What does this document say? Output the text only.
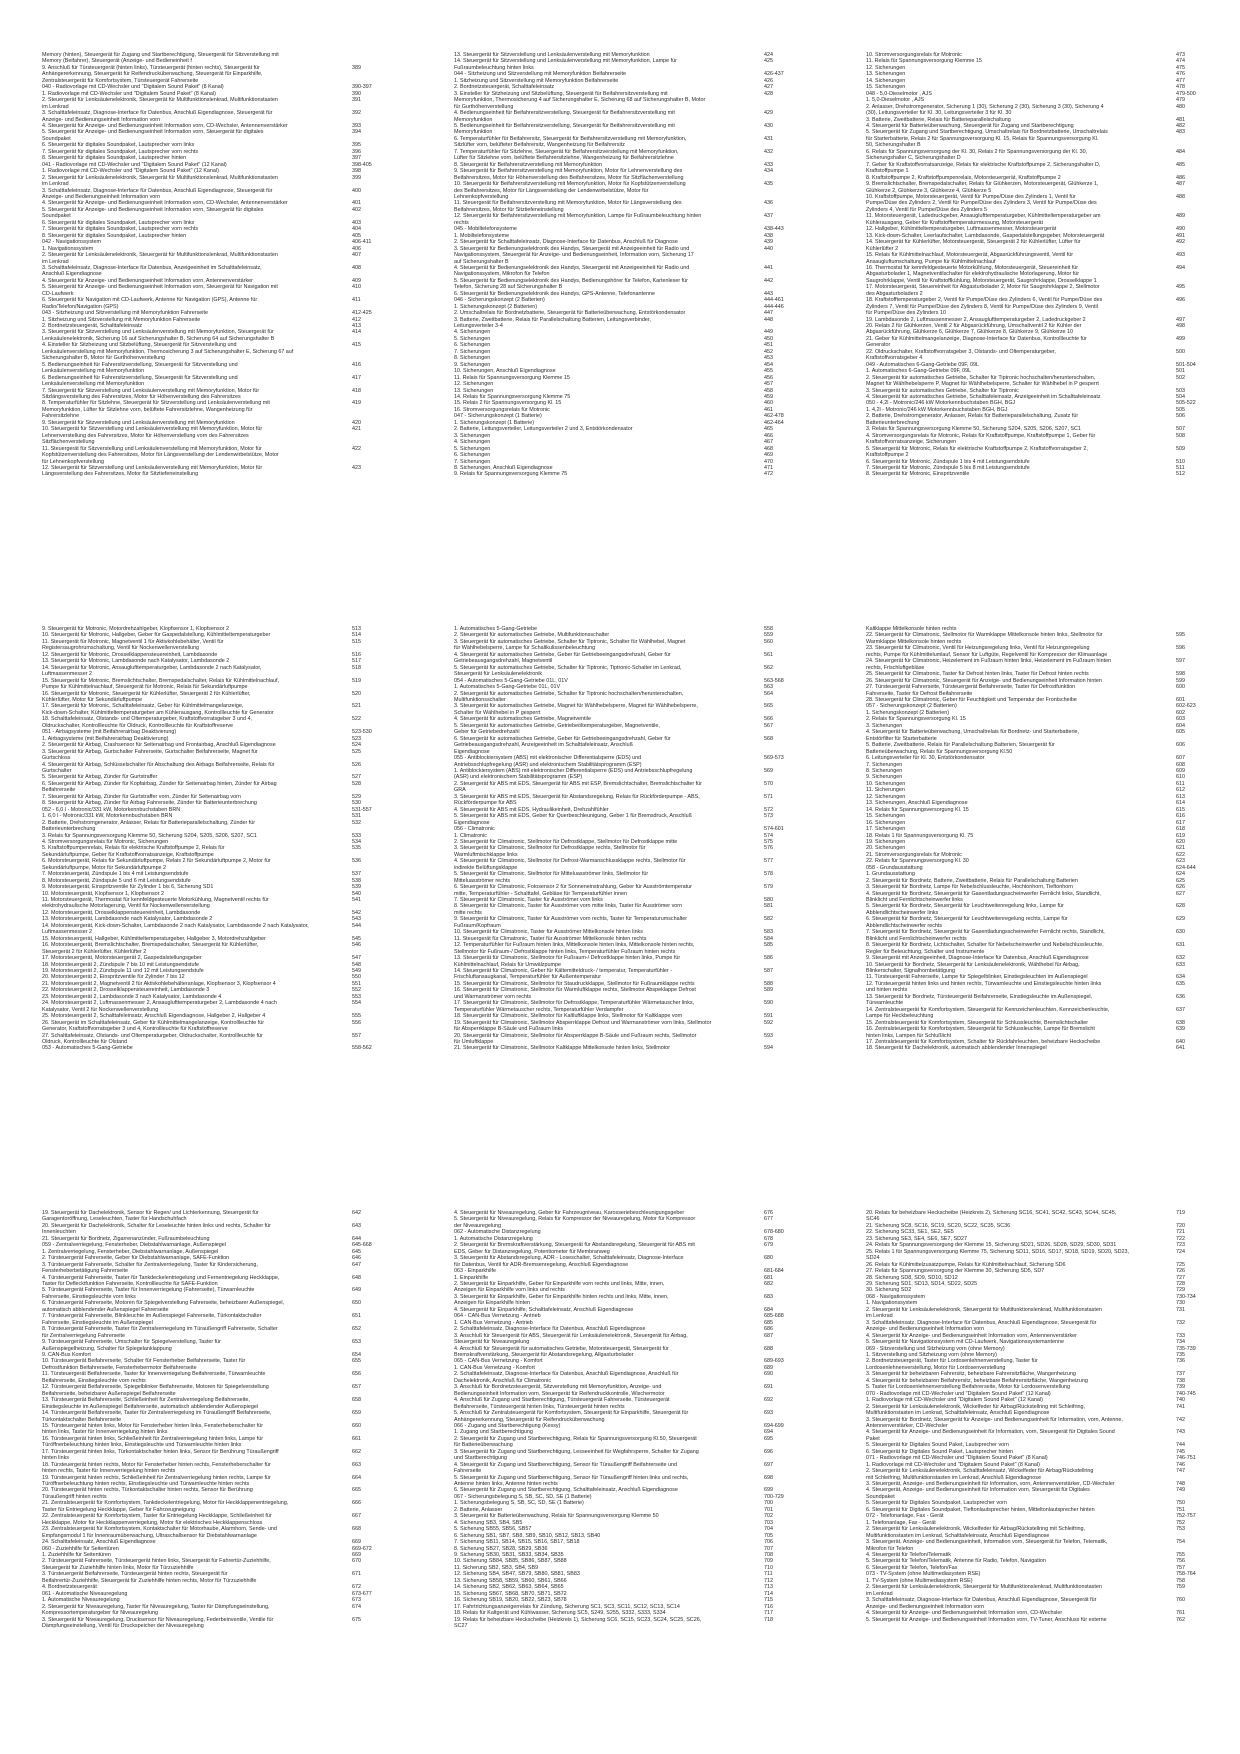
Memory (hinten), Steuergerät für Zugang und Startberechtigung, Steuergerät für Sitzverstellung mit
Memory (Beifahrer), Steuergerät (Anzeige- und Bedieneinheit f
9. Anschluß für Türsteuergerät (hinten links), Türsteuergerät (hinten rechts), Steuergerät für	389
Anhängererkennung, Steuergerät für Reifendrucküberwachung, Steuergerät für Einparkhilfe,
Zentralsteuergerät für Komfortsystem, Türsteuergerät Fahrerseite
040 - Radiovorlage mit CD-Wechsler und "Digitalem Sound Paket" (8 Kanal)	390-397
1. Radiovorlage mit CD-Wechsler und "Digitalem Sound Paket" (8 Kanal)	390
2. Steuergerät für Lenksäulenelektronik, Steuergerät für Multifunktionslenkrad, Multifunktionstasten	391
im Lenkrad
3. Schalttafeleinsatz, Diagnose-Interface für Datenbus, Anschluß Eigendiagnose, Steuergerät für	392
Anzeige- und Bedienungseinheit Information vorn
4. Steuergerät für Anzeige- und Bedienungseinheit Information vorn, CD-Wechsler, Antennenverstärker	393
5. Steuergerät für Anzeige- und Bedienungseinheit Information vorn, Steuergerät für digitales	394
Soundpaket
6. Steuergerät für digitales Soundpaket, Lautsprecher vorn links	395
7. Steuergerät für digitales Soundpaket, Lautsprecher vorn rechts	396
8. Steuergerät für digitales Soundpaket, Lautsprecher hinten	397
041 - Radiovorlage mit CD-Wechsler und "Digitalem Sound Paket" (12 Kanal)	398-405
1. Radiovorlage mit CD-Wechsler und "Digitalem Sound Paket" (12 Kanal)	398
2. Steuergerät für Lenksäulenelektronik, Steuergerät für Multifunktionslenkrad, Multifunktionstasten	399
im Lenkrad
3. Schalttafeleinsatz, Diagnose-Interface für Datenbus, Anschluß Eigendiagnose, Steuergerät für	400
Anzeige- und Bedienungseinheit Information vorn
4. Steuergerät für Anzeige- und Bedienungseinheit Information vorn, CD-Wechsler, Antennenverstärker	401
5. Steuergerät für Anzeige- und Bedienungseinheit Information vorn, Steuergerät für digitales	402
Soundpaket
6. Steuergerät für digitales Soundpaket, Lautsprecher vorn links	403
7. Steuergerät für digitales Soundpaket, Lautsprecher vorn rechts	404
8. Steuergerät für digitales Soundpaket, Lautsprecher hinten	405
042 - Navigationssystem	406-411
1. Navigationssystem	406
2. Steuergerät für Lenksäulenelektronik, Steuergerät für Multifunktionslenkrad, Multifunktionstasten	407
im Lenkrad
3. Schalttafeleinsatz, Diagnose-Interface für Datenbus, Anzeigeeinheit im Schalttafeleinsatz,	408
Anschluß Eigendiagnose
4. Steuergerät für Anzeige- und Bedienungseinheit Information vorn, Antennenverstärker	409
5. Steuergerät für Anzeige- und Bedienungseinheit Information vorn, Steuergerät für Navigation mit	410
CD-Laufwerk
6. Steuergerät für Navigation mit CD-Laufwerk, Antenne für Navigation (GPS), Antenne für	411
Radio/Telefon/Navigation (GPS)
043 - Sitzheizung und Sitzverstellung mit Memoryfunktion Fahrerseite	412-425
1. Sitzheizung und Sitzverstellung mit Memoryfunktion Fahrerseite	412
2. Bordnetzsteuergerät, Schalttafeleinsatz	413
3. Steuergerät für Sitzverstellung und Lenksäulenverstellung mit Memoryfunktion, Steuergerät für	414
Lenksäulenelektronik, Sicherung 16 auf Sicherungshalter B, Sicherung 64 auf Sicherungshalter B
4. Einsteller für Sitzheizung und Sitzbelüftung, Steuergerät für Sitzverstellung und	415
Lenksäulenverstellung mit Memoryfunktion, Thermosicherung 3 auf Sicherungshalter E, Sicherung 67 auf
Sicherungshalter B, Motor für Gurthöhenverstellung
5. Bedienungseinheit für Fahrersitzverstellung, Steuergerät für Sitzverstellung und	416
Lenksäulenverstellung mit Memoryfunktion
6. Bedienungseinheit für Fahrersitzverstellung, Steuergerät für Sitzverstellung und	417
Lenksäulenverstellung mit Memoryfunktion
7. Steuergerät für Sitzverstellung und Lenksäulenverstellung mit Memoryfunktion, Motor für	418
Sitzlängsverstellung des Fahrersitzes, Motor für Höhenverstellung des Fahrersitzes
8. Temperaturfühler für Sitzlehne, Steuergerät für Sitzverstellung und Lenksäulenverstellung mit	419
Memoryfunktion, Lüfter für Sitzlehne vorn, belüftete Fahrersitzlehne, Wangenheizung für
Fahrersitzlehne
9. Steuergerät für Sitzverstellung und Lenksäulenverstellung mit Memoryfunktion	420
10. Steuergerät für Sitzverstellung und Lenksäulenverstellung mit Memoryfunktion, Motor für	421
Lehnenverstellung des Fahrersitzes, Motor für Höhenverstellung vorn des Fahrersitzes
Sitzflächenverstellung
11. Steuergerät für Sitzverstellung und Lenksäulenverstellung mit Memoryfunktion, Motor für	422
Kopfstützenverstellung des Fahrersitzes, Motor für Längsverstellung der Lendenwirbelstütze, Motor
für Lehnenkopfverstellung
12. Steuergerät für Sitzverstellung und Lenksäulenverstellung mit Memoryfunktion, Motor für	423
Längsverstellung des Fahrersitzes, Motor für Sitztiefeneinstellung
13. Steuergerät für Sitzverstellung und Lenksäulenverstellung mit Memoryfunktion	424
14. Steuergerät für Sitzverstellung und Lenksäulenverstellung mit Memoryfunktion, Lampe für	425
Fußraumbeleuchtung hinten links
044 - Sitzheizung und Sitzverstellung mit Memoryfunktion Beifahrerseite	426-437
1. Sitzheizung und Sitzverstellung mit Memoryfunktion Beifahrerseite	426
2. Bordnetzsteuergerät, Schalttafeleinsatz	427
3. Einsteller für Sitzheizung und Sitzbelüftung, Steuergerät für Beifahrersitzverstellung mit	428
Memoryfunktion, Thermosicherung 4 auf Sicherungshalter E, Sicherung 68 auf Sicherungshalter B, Motor
für Gurthöhenverstellung
4. Bedienungseinheit für Beifahrersitzverstellung, Steuergerät für Beifahrersitzverstellung mit	429
Memoryfunktion
5. Bedienungseinheit für Beifahrersitzverstellung, Steuergerät für Beifahrersitzverstellung mit	430
Memoryfunktion
6. Temperaturfühler für Beifahrersitz, Steuergerät für Beifahrersitzverstellung mit Memoryfunktion,	431
Sitzlüfter vorn, belüfteter Beifahrersitz, Wangenheizung für Beifahrersitz
7. Temperaturfühler für Sitzlehne, Steuergerät für Beifahrersitzverstellung mit Memoryfunktion,	432
Lüfter für Sitzlehne vorn, belüftete Beifahrersitzlehne, Wangenheizung für Beifahrersitzlehne
8. Steuergerät für Beifahrersitzverstellung mit Memoryfunktion	433
9. Steuergerät für Beifahrersitzverstellung mit Memoryfunktion, Motor für Lehnenverstellung des	434
Beifahrersitzes, Motor für Höhenverstellung des Beifahrersitzes, Motor für Sitzflächenverstellung
10. Steuergerät für Beifahrersitzverstellung mit Memoryfunktion, Motor für Kopfstützenverstellung	435
des Beifahrersitzes, Motor für Längsverstellung der Lendenwirbelstütze, Motor für
Lehnenkopfverstellung
11. Steuergerät für Beifahrersitzverstellung mit Memoryfunktion, Motor für Längsverstellung des	436
Beifahrersitzes, Motor für Sitztiefeneinstellung
12. Steuergerät für Beifahrersitzverstellung mit Memoryfunktion, Lampe für Fußraumbeleuchtung hinten	437
rechts
045 - Mobiltelefonsysteme	438-443
1. Mobiltelefonsysteme	438
2. Steuergerät für Schalttafeleinsatz, Diagnose-Interface für Datenbus, Anschluß für Diagnose	439
3. Steuergerät für Bedienungselektronik des Handys, Steuergerät mit Anzeigeeinheit für Radio und	440
Navigationssystem, Steuergerät für Anzeige- und Bedienungseinheit, Information vorn, Sicherung 17
auf Sicherungshalter B
4. Steuergerät für Bedienungselektronik des Handys, Steuergerät mit Anzeigeeinheit für Radio und	441
Navigationssystem, Mikrofon für Telefon
5. Steuergerät für Bedienungselektronik des Handys, Bedienungshörer für Telefon, Kartenleser für	442
Telefon, Sicherung 28 auf Sicherungshalter B
6. Steuergerät für Bedienungselektronik des Handys, GPS-Antenne, Telefonantenne	443
046 - Sicherungskonzept (2 Batterien)	444-461
1. Sicherungskonzept (2 Batterien)	444-446
2. Umschaltrelais für Bordnetzbatterie, Steuergerät für Batterieüberwachung, Entstörkondensator	447
3. Batterie, Zweitbatterie, Relais für Parallelschaltung Batterien, Leitungsverbinder,	448
Leitungsverteiler 3-4
4. Sicherungen	449
5. Sicherungen	450
6. Sicherungen	451
7. Sicherungen	452
8. Sicherungen	453
9. Sicherungen	454
10. Sicherungen, Anschluß Eigendiagnose	455
11. Relais für Spannungsversorgung Klemme 15	456
12. Sicherungen	457
13. Sicherungen	458
14. Relais für Spannungsversorgung Klemme 75	459
15. Relais 2 für Spannungsversorgung Kl. 15	460
16. Stromversorgungsrelais für Motronic	461
047 - Sicherungskonzept (1 Batterie)	462-478
1. Sicherungskonzept (1 Batterie)	462-464
2. Batterie, Leitungsverteiler, Leitungsverteiler 2 und 3, Entstörkondensator	465
3. Sicherungen	466
4. Sicherungen	467
5. Sicherungen	468
6. Sicherungen	469
7. Sicherungen	470
8. Sicherungen, Anschluß Eigendiagnose	471
9. Relais für Spannungsversorgung Klemme 75	472
10. Stromversorgungsrelais für Motronic	473
11. Relais für Spannungsversorgung Klemme 15	474
12. Sicherungen	475
13. Sicherungen	476
14. Sicherungen	477
15. Sicherungen	478
048 - 5,0-Dieselmotor , AJS	479-500
1. 5,0-Dieselmotor , AJS	479
2. Anlasser, Drehstromgenerator, Sicherung 1 (30), Sicherung 2 (30), Sicherung 3 (30), Sicherung 4	480
(30), Leitungsverteiler für Kl. 30, Leitungsverteiler 3 für Kl. 30
3. Batterie, Zweitbatterie, Relais für Batterieparallelschaltung	481
4. Steuergerät für Batterieüberwachung, Steuergerät für Zugang und Startberechtigung	482
5. Steuergerät für Zugang und Startberechtigung, Umschaltrelais für Bordnetzbatterie, Umschaltrelais	483
für Starterbatterie, Relais 2 für Spannungsversorgung Kl. 15, Relais für Spannungsversorgung Kl.
50, Sicherungshalter B
6. Relais für Spannungsversorgung der Kl. 30, Relais 2 für Spannungsversorgung der Kl. 30,	484
Sicherungshalter C, Sicherungshalter D
7. Geber für Kraftstoffvorratsanzeige, Relais für elektrische Kraftstoffpumpe 2, Sicherungshalter D,	485
Kraftstoffpumpe 1
8. Kraftstoffpumpe 2, Kraftstoffpumpenrelais, Motorsteuergerät, Kraftstoffpumpe 2	486
9. Bremslichtschalter, Bremspedalschalter, Relais für Glühkerzen, Motorsteuergerät, Glühkerze 1,	487
Glühkerze 2, Glühkerze 3, Glühkerze 4, Glühkerze 5
10. Kraftstoffpumpe, Motorsteuergerät, Ventil für Pumpe/Düse des Zylinders 1, Ventil für	488
Pumpe/Düse des Zylinders 2, Ventil für Pumpe/Düse des Zylinders 3, Ventil für Pumpe/Düse des
Zylinders 4, Ventil für Pumpe/Düse des Zylinders 5
11. Motorsteuergerät, Ladedruckgeber, Ansauglufttemperaturgeber, Kühlmitteltemperaturgeber am	489
Kühlerausgang, Geber für Kraftstofftemperaturmessung, Motorsteuergerät
12. Hallgeber, Kühlmitteltemperaturgeber, Luftmassenmesser, Motorsteuergerät	490
13. Kick-down-Schalter, Leerlaufschalter, Lambdasonde, Gaspedalstellungsgeber, Motorsteuergerät	491
14. Steuergerät für Kühlerlüfter, Motorsteuergerät, Steuergerät 2 für Kühlerlüfter, Lüfter für	492
Kühlerlüfter 2
15. Relais für Kühlmittelnachlauf, Motorsteuergerät, Abgasrückführungsventil, Ventil für	493
Ansaugluftumschaltung, Pumpe für Kühlmittelnachlauf
16. Thermostat für kennfeldgesteuerte Motorkühlung, Motorsteuergerät, Steuereinheit für	494
Abgasturbolader 1, Magnetventilschalter für elektrohydraulische Motorlagerung, Motor für
Saugrohrklappe, Ventil für Kraftstoffkühlung, Motorsteuergerät, Saugrohrklappe, Drosselklappe 1
17. Motorsteuergerät, Steuereinheit für Abgasturbolader 2, Motor für Saugrohrklappe 2, Stellmotor	495
des Abgasturboladers 2
18. Kraftstofftemperaturgeber 2, Ventil für Pumpe/Düse des Zylinders 6, Ventil für Pumpe/Düse des	496
Zylinders 7, Ventil für Pumpe/Düse des Zylinders 8, Ventil für Pumpe/Düse des Zylinders 9, Ventil
für Pumpe/Düse des Zylinders 10
19. Lambdasonde 2, Luftmassenmesser 2, Ansauglufttemperaturgeber 2, Ladedruckgeber 2	497
20. Relais 2 für Glühkerzen, Ventil 2 für Abgasrückführung, Umschaltventil 2 für Kühler der	498
Abgasrückführung, Glühkerze 6, Glühkerze 7, Glühkerze 8, Glühkerze 9, Glühkerze 10
21. Geber für Kühlmittelmangelanzeige, Diagnose-Interface für Datenbus, Kontrollleuchte für	499
Generator
22. Öldruckschalter, Kraftstoffvorratsgeber 3, Ölstands- und Öltemperaturgeber,	500
Kraftstoffvorratsgeber 4
049 - Automatisches 6-Gang-Getriebe 09F, 09L	501-504
1. Automatisches 6-Gang-Getriebe 09F, 09L	501
2. Steuergerät für automatisches Getriebe, Schalter für Tiptronic hochschalten/herunterschalten,	502
Magnet für Wählhebelsperre P, Magnet für Wählhebelsperre, Schalter für Wählhebel in P gesperrt
3. Steuergerät für automatisches Getriebe, Schalter für Tiptronic	503
4. Steuergerät für automatisches Getriebe, Schalttafeleinsatz, Anzeigeeinheit im Schalttafeleinsatz	504
050 - 4,2l - Motronic/246 kW Motorkennbuchstaben BGH, BGJ	505-522
1. 4,2l - Motronic/246 kW Motorkennbuchstaben BGH, BGJ	505
2. Batterie, Drehstromgenerator, Anlasser, Relais für Batterieparallelschaltung, Zusatz für	506
Batterieunterbrechung
3. Relais für Spannungsversorgung Klemme 50, Sicherung S204, S205, S206, S207, SC1	507
4. Stromversorgungsrelais für Motronic, Relais für Kraftstoffpumpe, Kraftstoffpumpe 1, Geber für	508
Kraftstoffvorratsanzeige, Sicherungen
5. Steuergerät für Motronic, Relais für elektrische Kraftstoffpumpe 2, Kraftstoffvorratsgeber 2,	509
Kraftstoffpumpe 2
6. Steuergerät für Motronic, Zündspule 1 bis 4 mit Leistungsendstufe	510
7. Steuergerät für Motronic, Zündspule 5 bis 8 mit Leistungsendstufe	511
8. Steuergerät für Motronic, Einspritzventile	512
9. Steuergerät für Motronic, Motordrehzahlgeber, Klopfsensor 1, Klopfsensor 2	513
10. Steuergerät für Motronic, Hallgeber, Geber für Gaspedalstellung, Kühlmitteltemperaturgeber	514
11. Steuergerät für Motronic, Magnetventil 1 für Aktivkohlebehälter, Ventil für	515
Registersaugrohrumschaltung, Ventil für Nockenwellenverstellung
12. Steuergerät für Motronic, Drosselklappensteuereinheit, Lambdasonde	516
13. Steuergerät für Motronic, Lambdasonde nach Katalysator, Lambdasonde 2	517
14. Steuergerät für Motronic, Ansauglufttemperaturgeber, Lambdasonde 2 nach Katalysator,	518
Luftmassenmesser 2
15. Steuergerät für Motronic, Bremslichtschalter, Bremspedalschalter, Relais für Kühlmittelnachlauf,	519
Pumpe für Kühlmittelnachlauf, Steuergerät für Motronic, Relais für Sekundärluftpumpe
16. Steuergerät für Motronic, Steuergerät für Kühlerlüfter, Steuergerät 2 für Kühlerlüfter,	520
Kühlerlüfter, Motor für Sekundärluftpumpe
17. Steuergerät für Motronic, Schalttafeleinsatz, Geber für Kühlmittelmangelanzeige,	521
Kick-down-Schalter, Kühlmitteltemperaturgeber am Kühlerausgang, Kontrollleuchte für Generator
18. Schalttafeleinsatz, Ölstands- und Öltemperaturgeber, Kraftstoffvorratsgeber 3 und 4,	522
Öldruckschalter, Kontrollleuchte für Öldruck, Kontrollleuchte für Kraftstoffreserve
051 - Airbagsysteme (mit Beifahrerairbag Deaktivierung)	523-530
1. Airbagsysteme (mit Beifahrerairbag Deaktivierung)	523
2. Steuergerät für Airbag, Crashsensor für Seitenairbag und Frontairbag, Anschluß Eigendiagnose	524
3. Steuergerät für Airbag, Gurtschalter Fahrerseite, Gurtschalter Beifahrerseite, Magnet für	525
Gurtschloss
4. Steuergerät für Airbag, Schlüsselschalter für Abschaltung des Airbags Beifahrerseite, Relais für	526
Gurtschalter
5. Steuergerät für Airbag, Zünder für Gurtstraffer	527
6. Steuergerät für Airbag, Zünder für Kopfairbag, Zünder für Seitenairbag hinten, Zünder für Airbag	528
Beifahrerseite
7. Steuergerät für Airbag, Zünder für Gurtstraffer vorn, Zünder für Seitenairbag vorn	529
8. Steuergerät für Airbag, Zünder für Airbag Fahrerseite, Zünder für Batterieunterbrechung	530
052 - 6,0 l - Motronic/331 kW, Motorkennbuchstaben BRN	531-557
1. 6,0 l - Motronic/331 kW, Motorkennbuchstaben BRN	531
2. Batterie, Drehstromgenerator, Anlasser, Relais für Batterieparallelschaltung, Zünder für	532
Batterieunterbrechung
3. Relais für Spannungsversorgung Klemme 50, Sicherung S204, S205, S206, S207, SC1	533
4. Stromversorgungsrelais für Motronic, Sicherungen	534
5. Kraftstoffpumpenrelais, Relais für elektrische Kraftstoffpumpe 2, Relais für	535
Sekundärluftpumpe, Geber für Kraftstoffvorratsanzeige, Kraftstoffpumpe
6. Motorsteuergerät, Relais für Sekundärluftpumpe, Relais 2 für Sekundärluftpumpe 2, Motor für	536
Sekundärluftpumpe, Motor für Sekundärluftpumpe 2
7. Motorsteuergerät, Zündspule 1 bis 4 mit Leistungsendstufe	537
8. Motorsteuergerät, Zündspule 5 und 6 mit Leistungsendstufe	538
9. Motorsteuergerät, Einspritzventile für Zylinder 1 bis 6, Sicherung SD1	539
10. Motorsteuergerät, Klopfsensor 1, Klopfsensor 2	540
11. Motorsteuergerät, Thermostat für kennfeldgesteuerte Motorkühlung, Magnetventil rechts für	541
elektrohydraulische Motorlagerung, Ventil für Nockenwellenverstellung
12. Motorsteuergerät, Drosselklappensteuereinheit, Lambdasonde	542
13. Motorsteuergerät, Lambdasonde nach Katalysator, Lambdasonde 2	543
14. Motorsteuergerät, Kick-down-Schalter, Lambdasonde 2 nach Katalysator, Lambdasonde 2 nach Katalysator,	544
Luftmassenmesser 2
15. Motorsteuergerät, Hallgeber, Kühlmitteltemperaturgeber, Hallgeber 3, Motordrehzahlgeber	545
16. Motorsteuergerät, Bremslichtschalter, Bremspedalschalter, Steuergerät für Kühlerlüfter,	546
Steuergerät 2 für Kühlerlüfter, Kühlerlüfter 2
17. Motorsteuergerät, Motorsteuergerät 2, Gaspedalstellungsgeber	547
18. Motorsteuergerät 2, Zündspule 7 bis 10 mit Leistungsendstufe	548
19. Motorsteuergerät 2, Zündspule 11 und 12 mit Leistungsendstufe	549
20. Motorsteuergerät 2, Einspritzventile für Zylinder 7 bis 12	550
21. Motorsteuergerät 2, Magnetventil 2 für Aktivkohlebehälteranlage, Klopfsensor 3, Klopfsensor 4	551
22. Motorsteuergerät 2, Drosselklappensteuereinheit, Lambdasonde 3	552
23. Motorsteuergerät 2, Lambdasonde 3 nach Katalysator, Lambdasonde 4	553
24. Motorsteuergerät 2, Luftmassenmesser 2, Ansauglufttemperaturgeber 2, Lambdasonde 4 nach	554
Katalysator, Ventil 2 für Nockenwellenverstellung
25. Motorsteuergerät 2, Schalttafeleinsatz, Anschluß Eigendiagnose, Hallgeber 2, Hallgeber 4	555
26. Steuergerät im Schalttafeleinsatz, Geber für Kühlmittelmangelanzeige, Kontrollleuchte für	556
Generator, Kraftstoffvorratsgeber 3 und 4, Kontrollleuchte für Kraftstoffreserve
27. Schalttafeleinsatz, Ölstands- und Öltemperaturgeber, Öldruckschalter, Kontrollleuchte für	557
Öldruck, Kontrollleuchte für Ölstand
053 - Automatisches 5-Gang-Getriebe	558-562
1. Automatisches 5-Gang-Getriebe	558
2. Steuergerät für automatisches Getriebe, Multifunktionsschalter	559
3. Steuergerät für automatisches Getriebe, Schalter für Tiptronic, Schalter für Wählhebel, Magnet	560
für Wählhebelsperre, Lampe für Schaltkulissenbeleuchtung
4. Steuergerät für automatisches Getriebe, Geber für Getriebeeingangsdrehzahl, Geber für	561
Getriebeausgangsdrehzahl, Magnetventil
5. Steuergerät für automatisches Getriebe, Schalter für Tiptronic, Tiptronic-Schalter im Lenkrad,	562
Steuergerät für Lenksäulenelektronik
054 - Automatisches 5-Gang-Getriebe 01L, 01V	563-568
1. Automatisches 5-Gang-Getriebe 01L, 01V	563
2. Steuergerät für automatisches Getriebe, Schalter für Tiptronic hochschalten/herunterschalten,	564
Multifunktionsschalter
3. Steuergerät für automatisches Getriebe, Magnet für Wählhebelsperre, Magnet für Wählhebelsperre,	565
Schalter für Wählhebel in P gesperrt
4. Steuergerät für automatisches Getriebe, Magnetventile	566
5. Steuergerät für automatisches Getriebe, Getriebeöltemperaturgeber, Magnetventile,	567
Geber für Getriebedrehzahl
6. Steuergerät für automatisches Getriebe, Geber für Getriebeeingangsdrehzahl, Geber für	568
Getriebeausgangsdrehzahl, Anzeigeeinheit im Schalttafeleinsatz, Anschluß
Eigendiagnose
055 - Antiblockiersystem (ABS) mit elektronischer Differentialsperre (EDS) und	569-573
Antriebsschlupfregelung (ASR) und elektronischem Stabilitätsprogramm (ESP)
1. Antiblockiersystem (ABS) mit elektronischer Differentialsperre (EDS) und Antriebsschlupfregelung	569
(ASR) und elektronischem Stabilitätsprogramm (ESP)
2. Steuergerät für ABS mit EDS, Steuergerät für ABS mit ESP, Bremslichtschalter, Bremslichtschalter für	570
GRA
3. Steuergerät für ABS mit EDS, Steuergerät für Abstandsregelung, Relais für Rückförderpumpe - ABS,	571
Rückförderpumpe für ABS
4. Steuergerät für ABS mit EDS, Hydraulikeinheit, Drehzahlfühler	572
5. Steuergerät für ABS mit EDS, Geber für Querbeschleunigung, Geber 1 für Bremsdruck, Anschluß	573
Eigendiagnose
056 - Climatronic	574-601
1. Climatronic	574
2. Steuergerät für Climatronic, Stellmotor für Defrostklappe, Stellmotor für Defrostklappe mitte	575
3. Steuergerät für Climatronic, Stellmotor für Defrostklappe rechts, Stellmotor für	576
Warmluftmischklappe links
4. Steuergerät für Climatronic, Stellmotor für Defrost-Warmanschlussklappe rechts, Stellmotor für	577
indirekte Belüftungsklappe
5. Steuergerät für Climatronic, Stellmotor für Mitteluasströmer links, Stellmotor für	578
Mitteluasströmer rechts
6. Steuergerät für Climatronic, Fotosensor 2 für Sonneneinstrahlung, Geber für Ausströmtemperatur	579
mitte, Temperaturfühler - Schalttafel, Gebläse für Temperaturfühler innen
7. Steuergerät für Climatronic, Taster für Ausströmer vorn links	580
8. Steuergerät für Climatronic, Taster für Ausströmer vorn mitte links, Taster für Ausströmer vorn	581
mitte rechts
9. Steuergerät für Climatronic, Taster für Ausströmer vorn rechts, Taster für Temperaturumschalter	582
Fußraum/Kopfraum
10. Steuergerät für Climatronic, Taster für Ausströmer Mittelkonsole hinten links	583
11. Steuergerät für Climatronic, Taster für Ausströmer Mittelkonsole hinten rechts	584
12. Temperaturfühler für Fußraum hinten links, Mittelkonsole hinten links, Mittelkonsole hinten rechts,	585
Stellmotor für Fußraum-/ Defrostklappe hinten links, Temperaturfühler Fußraum hinten rechts
13. Steuergerät für Climatronic, Stellmotor für Fußraum-/ Defrostklappe hinten links, Pumpe für	586
Kühlmittelnachlauf, Relais für Umwälzpumpe
14. Steuergerät für Climatronic, Geber für Kältemitteldruck- / temperatur, Temperaturfühler -	587
Frischluftansaugkanal, Temperaturfühler für Außentemperatur
15. Steuergerät für Climatronic, Stellmotor für Staudruckklappe, Stellmotor für Fußraumklappe rechts	588
16. Steuergerät für Climatronic, Stellmotor für Warmluftklappe rechts, Stellmotor Abspeklappe Defrost	589
und Warmanströmer vorn rechts
17. Steuergerät für Climatronic, Stellmotor für Defrostklappe, Temperaturfühler Wärmetauscher links,	590
Temperaturfühler Wärmetauscher rechts, Temperaturfühler Verdampfer
18. Steuergerät für Climatronic, Stellmotor für Kaltluftklappe links, Stellmotor für Kaltklappe vorn	591
19. Steuergerät für Climatronic, Stellmotor Absperrklappe Defrost und Warmanströmer vorn links, Stellmotor	592
für Absperrklappe B-Säule und Fußraum links
20. Steuergerät für Climatronic, Stellmotor für Absperrklappe B-Säule und Fußraum rechts, Stellmotor	593
für Umluftklappe
21. Steuergerät für Climatronic, Stellmotor Kaltklappe Mittelkonsole hinten links, Stellmotor	594
Kaltklappe Mittelkonsole hinten rechts
22. Steuergerät für Climatronic, Stellmotor für Warmklappe Mittelkonsole hinten links, Stellmotor für	595
Warmklappe Mittelkonsole hinten rechts
23. Steuergerät für Climatronic, Ventil für Heizungsregelung links, Ventil für Heizungsregelung	596
rechts, Pumpe für Kühlmittelumlauf, Sensor für Luftgüte, Regelventil für Kompressor der Klimaanlage
24. Steuergerät für Climatronic, Heizelement im Fußraum hinten links, Heizelement im Fußraum hinten	597
rechts, Frischluftgebläse
25. Steuergerät für Climatronic, Taster für Defrost hinten links, Taster für Defrost hinten rechts	598
26. Steuergerät für Climatronic, Steuergerät für Anzeige- und Bedienungseinheit Information hinten	599
27. Türsteuergerät Fahrerseite, Türsteuergerät Beifahrerseite, Taster für Defrostfunktion	600
Fahrerseite, Taster für Defrost Beifahrerseite
28. Steuergerät für Climatronic, Geber für Feuchtigkeit und Temperatur der Frontscheibe	601
057 - Sicherungskonzept (2 Batterien)	602-623
1. Sicherungskonzept (2 Batterien)	602
2. Relais für Spannungsversorgung Kl. 15	603
3. Sicherungen	604
4. Steuergerät für Batterieüberwachung, Umschaltrelais für Bordnetz- und Starterbatterie,	605
Entstörfilter für Starterbatterie
5. Batterie, Zweitbatterie, Relais für Parallelschaltung Batterien, Steuergerät für	606
Batterieüberwachung, Relais für Spannungsversorgung Kl.50
6. Leitungsverteiler für Kl. 30, Entstörkondensator	607
7. Sicherungen	608
8. Sicherungen	609
9. Sicherungen	610
10. Sicherungen	611
11. Sicherungen	612
12. Sicherungen	613
13. Sicherungen, Anschluß Eigendiagnose	614
14. Relais für Spannungsversorgung Kl. 15	615
15. Sicherungen	616
16. Sicherungen	617
17. Sicherungen	618
18. Relais 1 für Spannungsversorgung Kl. 75	619
19. Sicherungen	620
20. Sicherungen	621
21. Stromversorgungsrelais für Motronic	622
22. Relais für Spannungsversorgung Kl. 30	623
058 - Grundausstattung	624-644
1. Grundausstattung	624
2. Steuergerät für Bordnetz, Batterie, Zweitbatterie, Relais für Parallelschaltung Batterien	625
3. Steuergerät für Bordnetz, Lampe für Nebelschlussleuchte, Hochtonhorn, Tieftonhorn	626
4. Steuergerät für Bordnetz, Steuergerät für Gasentladungsscheinwerfer Fernlicht links, Standlicht,	627
Blinklicht und Fernlichtscheinwerfer links
5. Steuergerät für Bordnetz, Steuergerät für Leuchtweitenregelung links, Lampe für	628
Abblendlichtscheinwerfer links
6. Steuergerät für Bordnetz, Steuergerät für Leuchtweitenregelung rechts, Lampe für	629
Abblendlichtscheinwerfer rechts
7. Steuergerät für Bordnetz, Steuergerät für Gasentladungsscheinwerfer Fernlicht rechts, Standlicht,	630
Blinklicht und Fernlichtscheinwerfer rechts
8. Steuergerät für Bordnetz, Lichtschalter, Schalter für Nebelscheinwerfer und Nebelschlussleuchte,	631
Regler für Beleuchtung, Schalter und Instrumente
9. Steuergerät mit Anzeigeeinheit, Diagnose-Interface für Datenbus, Anschluß Eigendiagnose	632
10. Steuergerät für Bordnetz, Steuergerät für Lenksäulenelektronik, Wählhebel für Airbag,	633
Blinkerschalter, Signalhornbetätigung
11. Türsteuergerät Fahrerseite, Lampe für Spiegelblinker, Einstiegsleuchten im Außenspiegel	634
12. Türsteuergerät hinten links und hinten rechts, Türwarnleuchte und Einstiegsleuchte hinten links	635
und hinten rechts
13. Steuergerät für Bordnetz, Türsteuergerät Beifahrerseite, Einstiegsleuchte im Außenspiegel,	636
Türwarnleuchte
14. Zentralsteuergerät für Komfortsystem, Steuergerät für Kennzeichenleuchten, Kennzeichenleuchte,	637
Lampe für Heckbeleuchtung
15. Zentralsteuergerät für Komfortsystem, Steuergerät für Schlussleuchte, Bremslichtschalter	638
16. Zentralsteuergerät für Komfortsystem, Steuergerät für Schlussleuchte, Lampe für Bremslicht	639
hinten links, Lampen für Schlußlicht
17. Zentralsteuergerät für Komfortsystem, Schalter für Rückfahrleuchten, beheizbare Heckscheibe	640
18. Steuergerät für Dachelektronik, automatisch abblendender Innenspiegel	641
19. Steuergerät für Dachelektronik, Sensor für Regen/ und Lichterkennung, Steuergerät für	642
Garagentoröffnung, Leseleuchten, Taster für Handschuhfach
20. Steuergerät für Dachelektronik, Schalter für Leseleuchte hinten links und rechts, Schalter für	643
Innenleuchten
21. Steuergerät für Bordnetz, Zigarrenanzünder, Fußraumbeleuchtung	644
059 - Zentralverriegelung, Fensterheber, Diebstahlwarnanlage, Außenspiegel	645-668
1. Zentralverriegelung, Fensterheber, Diebstahlwarnanlage, Außenspiegel	645
2. Türsteuergerät Fahrerseite, Geber für Diebstahlwarnanlage, SAFE-Funktion	646
3. Türsteuergerät Fahrerseite, Schalter für Zentralverriegelung, Taster für Kindersicherung,	647
Fensterheberbetätigung Fahrerseite
4. Türsteuergerät Fahrerseite, Taster für Tankdeckelentriegelung und Fernentriegelung Heckklappe,	648
Taster für Deflecktfunktion Fahrerseite, Kontrollleuchte für SAFE-Funktion
5. Türsteuergerät Fahrerseite, Taster für Innenverriegelung (Fahrerseite), Türwarnleuchte	649
Fahrerseite, Einstiegsleuchte vorn links
6. Türsteuergerät Fahrerseite, Motoren für Spiegelverstellung Fahrerseite, beheizbarer Außenspiegel,	650
automatisch abblendender Außenspiegel Fahrerseite
7. Türsteuergerät Fahrerseite, Blinkleuchte im Außenspiegel Fahrerseite, Türkontaktschalter	651
Fahrerseite, Einstiegsleuchte im Außenspiegel
8. Türsteuergerät Fahrerseite, Taster für Zentralverriegelung im Türaußengriff Fahrerseite, Schalter	652
für Zentralverriegelung Fahrerseite
9. Türsteuergerät Fahrerseite, Umschalter für Spiegelverstellung, Taster für	653
Außenspiegelheizung, Schalter für Spiegelanklappung
9. CAN-Bus Komfort	654
10. Türsteuergerät Beifahrerseite, Schalter für Fensterheber Beifahrerseite, Taster für	655
Defrostfunktion Beifahrerseite, Fensterhebermotor Beifahrerseite
11. Türsteuergerät Beifahrerseite, Taster für Innenverriegelung Beifahrerseite, Türwarnleuchte	656
Beifahrerseite, Einstiegsleuchte vorn rechts
12. Türsteuergerät Beifahrerseite, Spiegelblinker Beifahrerseite, Motoren für Spiegelverstellung	657
Beifahrerseite, beheizbarer Außenspiegel Beifahrerseite
13. Türsteuergerät Beifahrerseite, Schließeinheit für Zentralverriegelung Beifahrerseite,	658
Einstiegsleuchte im Außenspiegel Beifahrerseite, automatisch abblendender Außenspiegel
14. Türsteuergerät Beifahrerseite, Taster für Zentralverriegelung im Türaußengriff Beifahrerseite,	659
Türkontaktschalter Beifahrerseite
15. Türsteuergerät hinten links, Motor für Fensterheber hinten links, Fensterheberschalter für	660
hinten links, Taster für Innenverriegelung hinten links
16. Türsteuergerät hinten links, Schließeinheit für Zentralverriegelung hinten links, Lampe für	661
Türöffnerbeleuchtung hinten links, Einstiegsleuchte und Türwarnleuchte hinten links
17. Türsteuergerät hinten links, Türkontaktschalter hinten links, Sensor für Berührung Türaußengriff	662
hinten links
18. Türsteuergerät hinten rechts, Motor für Fensterheber hinten rechts, Fensterheberschalter für	663
hinten rechts, Taster für Innenverriegelung hinten rechts
19. Türsteuergerät hinten rechts, Schließeinheit für Zentralverriegelung hinten rechts, Lampe für	664
Türöffnerbeleuchtung hinten rechts, Einstiegsleuchte und Türwarnleuchte hinten rechts
20. Türsteuergerät hinten rechts, Türkontaktschalter hinten rechts, Sensor für Berührung	665
Türaußengriff hinten rechts
21. Zentralsteuergerät für Komfortsystem, Tankdeckelentriegelung, Motor für Heckklappenentriegelung,	666
Taster für Entriegelung Heckklappe, Geber für Fahrzeugneigung
22. Zentralsteuergerät für Komfortsystem, Taster für Entriegelung Heckklappe, Schließeinheit für	667
Heckklappe, Motor für Heckklappenverriegelung, Motor für elektrisches Heckklappenschloss
23. Zentralsteuergerät für Komfortsystem, Kontaktschalter für Motorhaube, Alarmhorn, Sende- und	668
Empfangsmodul 1 für Innenraumüberwachung, Ultraschallsensor für Diebstahlwarnanlage
24. Schalttafeleinsatz, Anschluß Eigendiagnose	669
060 - Zuziehhilfe für Seitentüren	669-672
1. Zuziehhilfe für Seitentüren	669
2. Türsteuergerät Fahrerseite, Türsteuergerät hinten links, Steuergerät für Fahrertür-Zuziehhilfe,	670
Steuergerät für Zuziehhilfe hinten links, Motor für Türzuziehhilfe
3. Türsteuergerät Beifahrerseite, Türsteuergerät hinten rechts, Steuergerät für	671
Beifahrertür-Zuziehhilfe, Steuergerät für Zuziehhilfe hinten rechts, Motor für Türzuziehhilfe
4. Bordnetzsteuergerät	672
061 - Automatische Niveauregelung	673-677
1. Automatische Niveauregelung	673
2. Steuergerät für Niveauregelung, Taster für Niveauregelung, Taster für Dämpfungseinstellung,	674
Kompressortemperaturgeber für Niveauregelung
3. Steuergerät für Niveauregelung, Drucksensor für Niveauregelung, Federbeinventile, Ventile für	675
Dämpfungseinstellung, Ventil für Druckspeicher der Niveauregelung
4. Steuergerät für Niveauregelung, Geber für Fahrzeugniveau, Karosseriebeschleunigungsgeber	676
5. Steuergerät für Niveauregelung, Relais für Kompressor der Niveauregelung, Motor für Kompressor	677
der Niveauregelung
062 - Automatische Distanzregelung	678-680
1. Automatische Distanzregelung	678
2. Steuergerät für Bremskraftverstärkung, Steuergerät für Abstandsregelung, Steuergerät für ABS mit	679
EDS, Geber für Distanzregelung, Potentiometer für Membranweg
3. Steuergerät für Abstandsregelung, ADR - Loseschalter, Schalttafeleinsatz, Diagnose-Interface	680
für Datenbus, Ventil für ADR-Bremsenregelung, Anschluß Eigendiagnose
063 - Einparkhilfe	681-684
1. Einparkhilfe	681
2. Steuergerät für Einparkhilfe, Geber für Einparkhilfe vorn rechts und links, Mitte, innen,	682
Anzeigen für Einparkhilfe vorn links und rechts
3. Steuergerät für Einparkhilfe, Geber für Einparkhilfe hinten rechts und links, Mitte, innen,	683
Anzeigen für Einparkhilfe hinten
4. Steuergerät für Einparkhilfe, Schalttafeleinsatz, Anschluß Eigendiagnose	684
064 - CAN-Bus Vernetzung - Antrieb	685-688
1. CAN-Bus Vernetzung - Antrieb	685
2. Schalttafeleinsatz, Diagnose-Interface für Datenbus, Anschluß Eigendiagnose	686
3. Anschluß für Steuergerät für ABS, Steuergerät für Lenksäulenelektronik, Steuergerät für Airbag,	687
Steuergerät für Niveauregelung
4. Anschluß für Steuergerät für automatisches Getriebe, Motorsteuergerät, Steuergerät für	688
Bremskraftverstärkung, Steuergerät für Abstandsregelung, Allgasturbolader
065 - CAN-Bus Vernetzung - Komfort	689-693
1. CAN-Bus Vernetzung - Komfort	689
2. Schalttafeleinsatz, Diagnose-Interface für Datenbus, Anschluß Eigendiagnose, Anschluß für	690
Dachelektronik, Anschluß für Climatronic
3. Anschluß für Bordnetzsteuergerät, Sitzverstellung mit Memoryfunktion, Anzeige- und	691
Bedienungseinheit Information vorn, Steuergerät für Reifendruckkontrolle, Wischermotor
4. Anschluß für Zugang und Startberechtigung, Türsteuergerät Fahrerseite, Türsteuergerät	692
Beifahrerseite, Türsteuergerät hinten links, Türsteuergerät hinten rechts
5. Anschluß für Zentralsteuergerät für Komfortsystem, Steuergerät für Einparkhilfe, Steuergerät für	693
Anhängererkennung, Steuergerät für Reifendrucküberwachung
066 - Zugang und Startberechtigung (Kessy)	694-699
1. Zugang und Startberechtigung	694
2. Steuergerät für Zugang und Startberechtigung, Relais für Spannungsversorgung Kl.50, Steuergerät	695
für Batterieüberwachung
3. Steuergerät für Zugang und Startberechtigung, Lesseeinheit für Wegfahrsperre, Schalter für Zugang	696
und Startberechtigung
4. Steuergerät für Zugang und Startberechtigung, Sensor für Türaußengriff Beifahrerseite und	697
Fahrerseite
5. Steuergerät für Zugang und Startberechtigung, Sensor für Türaußengriff hinten links und rechts,	698
Antenne hinten links, Antenne hinten rechts
6. Steuergerät für Zugang und Startberechtigung, Schalttafeleinsatz, Anschluß Eigendiagnose	699
067 - Sicherungsbelegung S, SB, SC, SD, SE (1 Batterie)	700-729
1. Sicherungsbelegung S, SB, SC, SD, SE (1 Batterie)	700
2. Batterie, Anlasser	701
3. Steuergerät für Batterieüberwachung, Relais für Spannungsversorgung Klemme 50	702
4. Sicherung SB3, SB4, SB5	703
5. Sicherung SB55, SB56, SB57	704
6. Sicherung SB1, SB7, SB8, SB9, SB10, SB12, SB13, SB40	705
7. Sicherung SB11, SB14, SB15, SB16, SB17, SB18	706
8. Sicherung SB27, SB28, SB29, SB36	707
9. Sicherung SB30, SB31, SB33, SB34, SB35	708
10. Sicherung SB84, SB85, SB86, SB87, SB88	709
11. Sicherung SB2, SB3, SB4, SB9	710
12. Sicherung SB4, SB47, SB79, SB80, SB81, SB83	711
13. Sicherung SB58, SB59, SB60, SB61, SB66	712
14. Sicherung SB2, SB62, SB63, SB64, SB65	713
15. Sicherung SB67, SB68, SB70, SB71, SB72	714
16. Sicherung SB19, SB20, SB22, SB23, SB78	715
17. Fahrtrichtungsanzeigerrelais für Zündung, Sicherung SC1, SC3, SC11, SC12, SC13, SC14	716
18. Relais für Kaltgerät und Kühlwasser, Sicherung SC5, S249, S255, S332, S333, S334	717
19. Relais für beheizbare Heckscheibe (Heizkreis 1), Sicherung SC6, SC15, SC23, SC24, SC25, SC26,	718
SC27
20. Relais für beheizbare Heckscheibe (Heizkreis 2), Sicherung SC16, SC41, SC42, SC43, SC44, SC45,	719
SC46
21. Sicherung SC8, SC16, SC19, SC20, SC22, SC35, SC36	720
22. Sicherung SC33, SE1, SE2, SE5	721
23. Sicherung SE3, SE4, SE6, SE7, SD27	722
24. Relais für Spannungsversorgung der Klemme 15, Sicherung SD21, SD26, SD28, SD29, SD30, SD31	723
25. Relais 1 für Spannungsversorgung Klemme 75, Sicherung SD11, SD16, SD17, SD18, SD19, SD20, SD23,	724
SD24
26. Relais für Kühlmittelzusatzpumpe, Relais für Kühlmittelnachlauf, Sicherung SD6	725
27. Relais für Spannungsversorgung der Klemme 30, Sicherung SD5, SD7	726
28. Sicherung SD8, SD9, SD10, SD12	727
29. Sicherung SD1, SD13, SD14, SD22, SD25	728
30. Sicherung SD2	729
068 - Navigationssystem	730-734
1. Navigationssystem	730
2. Steuergerät für Lenksäulenelektronik, Steuergerät für Multifunktionslenkrad, Multifunktionstasten	731
im Lenkrad
3. Schalttafeleinsatz, Diagnose-Interface für Datenbus, Anschluß Eigendiagnose, Steuergerät für	732
Anzeige- und Bedienungseinheit Information vorn
4. Steuergerät für Anzeige- und Bedienungseinheit Information vorn, Antennenverstärker	733
5. Steuergerät für Navigationssystem mit CD-Laufwerk, Navigationssystemantenne	734
069 - Sitzverstellung und Sitzheizung vorn (ohne Memory)	735-739
1. Sitzverstellung und Sitzheizung vorn (ohne Memory)	735
2. Bordnetzsteuergerät, Taster für Lordosenlehnenverstellung, Taster für	736
Lordosenlehnenverstellung, Motor für Lordosenverstellung
3. Steuergerät für beheizbaren Fahrersitz, beheizbare Fahrersitzfläche, Wangenheizung	737
4. Steuergerät für beheizbaren Beifahrersitz, beheizbare Beifahrersitzfläche, Wangenheizung	738
5. Taster für Lordosenlehnenverstellung Beifahrerseite, Motor für Lordosenverstellung	739
070 - Radiovorlage mit CD-Wechsler und "Digitalem Sound Paket" (12 Kanal)	740-745
1. Radiovorlage mit CD-Wechsler und "Digitalem Sound Paket" (12 Kanal)	740
2. Steuergerät für Lenksäulenelektronik, Wickelfeder für Airbag/Rückstellring mit Schleifring,	741
Multifunktionstasten im Lenkrad, Schalttafeleinsatz, Anschluß Eigendiagnose
3. Steuergerät für Bordnetz, Steuergerät für Anzeige- und Bedienungseinheit für Information, vorn, Antenne,	742
Antennenverstärker, CD-Wechsler
4. Steuergerät für Anzeige- und Bedienungseinheit für Information, vorn, Steuergerät für Digitales Sound	743
Paket
5. Steuergerät für Digitales Sound Paket, Lautsprecher vorn	744
6. Steuergerät für Digitales Sound Paket, Lautsprecher hinten	745
071 - Radiovorlage mit CD-Wechsler und "Digitalem Sound Paket" (8 Kanal)	746-751
1. Radiovorlage mit CD-Wechsler und "Digitalem Sound Paket" (8 Kanal)	746
2. Steuergerät für Lenksäulenelektronik, Schalttafeleinsatz, Wickelfeder für Airbag/Rückstellring	747
mit Schleifring, Multifunktionstasten im Lenkrad, Anschluß Eigendiagnose
3. Steuergerät, Anzeige- und Bedienungseinheit für Information, vorn, Antennenverstärker, CD-Wechsler	748
4. Steuergerät, Anzeige- und Bedienungseinheit für Information vorn, Steuergerät für Digitales	749
Soundpaket
5. Steuergerät für Digitales Soundpaket, Lautsprecher vorn	750
6. Steuergerät für Digitales Soundpaket, Tieftonlautsprecher hinten, Mitteltonlautsprecher hinten	751
072 - Telefonanlage, Fax - Gerät	752-757
1. Telefonanlage, Fax - Gerät	752
2. Steuergerät für Lenksäulenelektronik, Wickelfeder für Airbag/Rückstellring mit Schleifring,	753
Multifunktionstasten im Lenkrad, Schalttafeleinsatz, Anschluß Eigendiagnose
3. Steuergerät, Anzeige- und Bedienungseinheit, Information vorn, Steuergerät für Telefon, Telematik,	754
Mikrofon für Telefon
4. Steuergerät für Telefon/Telematik	755
5. Steuergerät für Telefon/Telematik, Antenne für Radio, Telefon, Navigation	756
6. Steuergerät für Telefon, Telefon/Fax	757
073 - TV-System (ohne Multimediasystem RSE)	758-764
1. TV-System (ohne Multimediasystem RSE)	758
2. Steuergerät für Lenksäulenelektronik, Steuergerät für Multifunktionslenkrad, Multifunktionstasten	759
im Lenkrad
3. Schalttafeleinsatz, Diagnose-Interface für Datenbus, Anschluß Eigendiagnose, Steuergerät für	760
Anzeige- und Bedienungseinheit Information vorn
4. Steuergerät für Anzeige- und Bedienungseinheit Information vorn, CD-Wechsler	761
5. Steuergerät für Anzeige- und Bedienungseinheit Information vorn, TV-Tuner, Anschluss für externe	762
